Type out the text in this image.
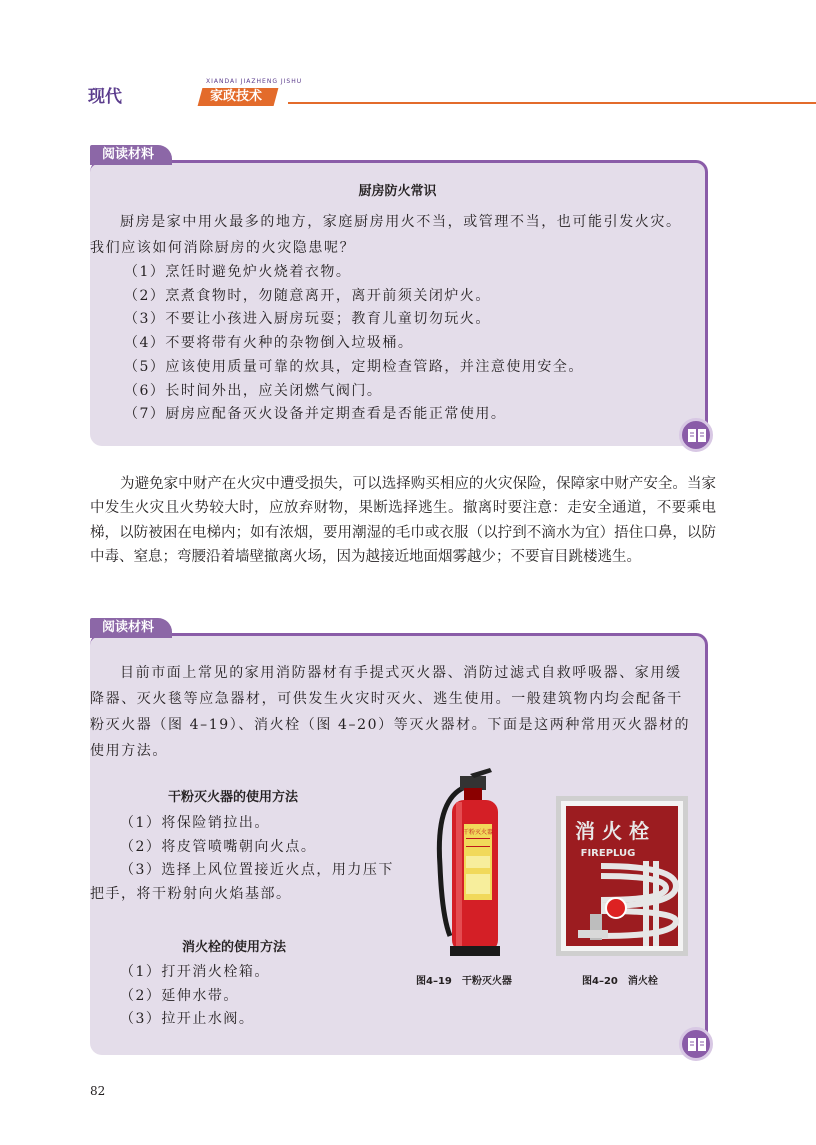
现代
XIANDAI JIAZHENG JISHU
家政技术
阅读材料
厨房防火常识
厨房是家中用火最多的地方，家庭厨房用火不当，或管理不当，也可能引发火灾。我们应该如何消除厨房的火灾隐患呢？
（1）烹饪时避免炉火烧着衣物。
（2）烹煮食物时，勿随意离开，离开前须关闭炉火。
（3）不要让小孩进入厨房玩耍；教育儿童切勿玩火。
（4）不要将带有火种的杂物倒入垃圾桶。
（5）应该使用质量可靠的炊具，定期检查管路，并注意使用安全。
（6）长时间外出，应关闭燃气阀门。
（7）厨房应配备灭火设备并定期查看是否能正常使用。
为避免家中财产在火灾中遭受损失，可以选择购买相应的火灾保险，保障家中财产安全。当家中发生火灾且火势较大时，应放弃财物，果断选择逃生。撤离时要注意：走安全通道，不要乘电梯，以防被困在电梯内；如有浓烟，要用潮湿的毛巾或衣服（以拧到不滴水为宜）捂住口鼻，以防中毒、窒息；弯腰沿着墙壁撤离火场，因为越接近地面烟雾越少；不要盲目跳楼逃生。
阅读材料
目前市面上常见的家用消防器材有手提式灭火器、消防过滤式自救呼吸器、家用缓降器、灭火毯等应急器材，可供发生火灾时灭火、逃生使用。一般建筑物内均会配备干粉灭火器（图 4–19）、消火栓（图 4–20）等灭火器材。下面是这两种常用灭火器材的使用方法。
干粉灭火器的使用方法
（1）将保险销拉出。
（2）将皮管喷嘴朝向火点。
（3）选择上风位置接近火点，用力压下把手，将干粉射向火焰基部。
消火栓的使用方法
（1）打开消火栓箱。
（2）延伸水带。
（3）拉开止水阀。
干粉灭火器	消 火 栓
FIREPLUG
图4–19　干粉灭火器	图4–20　消火栓
82
